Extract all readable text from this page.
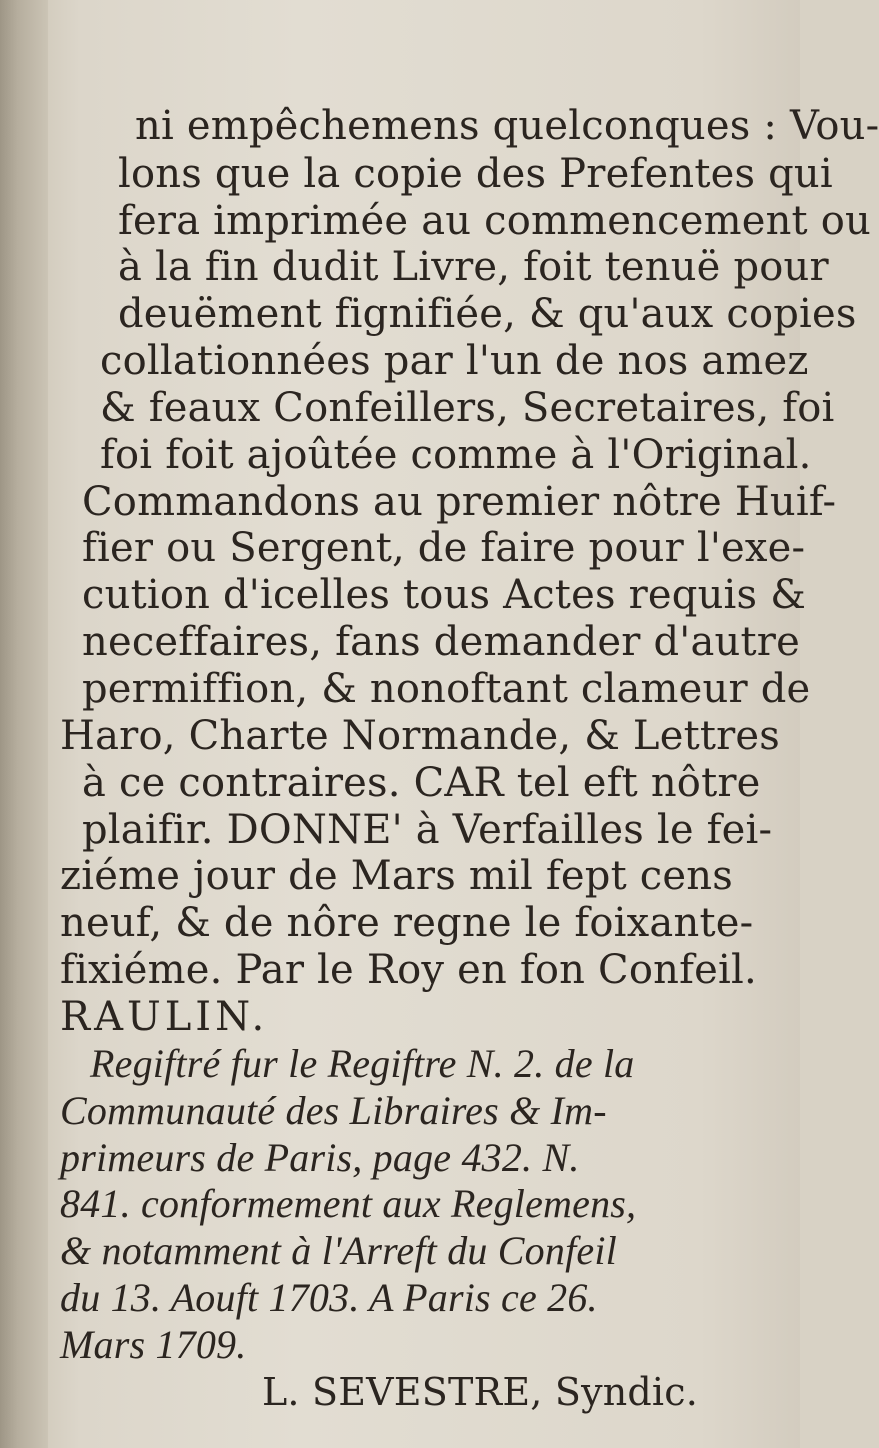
ni empêchemens quelconques : Vou-
lons que la copie des Prefentes qui
fera imprimée au commencement ou
à la fin dudit Livre, foit tenuë pour
deuëment fignifiée, & qu'aux copies
collationnées par l'un de nos amez
& feaux Confeillers, Secretaires, foi
foi foit ajoûtée comme à l'Original.
Commandons au premier nôtre Huif-
fier ou Sergent, de faire pour l'exe-
cution d'icelles tous Actes requis &
neceffaires, fans demander d'autre
permiffion, & nonoftant clameur de
Haro, Charte Normande, & Lettres
à ce contraires. CAR tel eft nôtre
plaifir. DONNE' à Verfailles le fei-
ziéme jour de Mars mil fept cens
neuf, & de nôre regne le foixante-
fixiéme. Par le Roy en fon Confeil.
RAULIN.
Regiftré fur le Regiftre N. 2. de la
Communauté des Libraires & Im-
primeurs de Paris, page 432. N.
841. conformement aux Reglemens,
& notamment à l'Arreft du Confeil
du 13. Aouft 1703. A Paris ce 26.
Mars 1709.
L. SEVESTRE, Syndic.
